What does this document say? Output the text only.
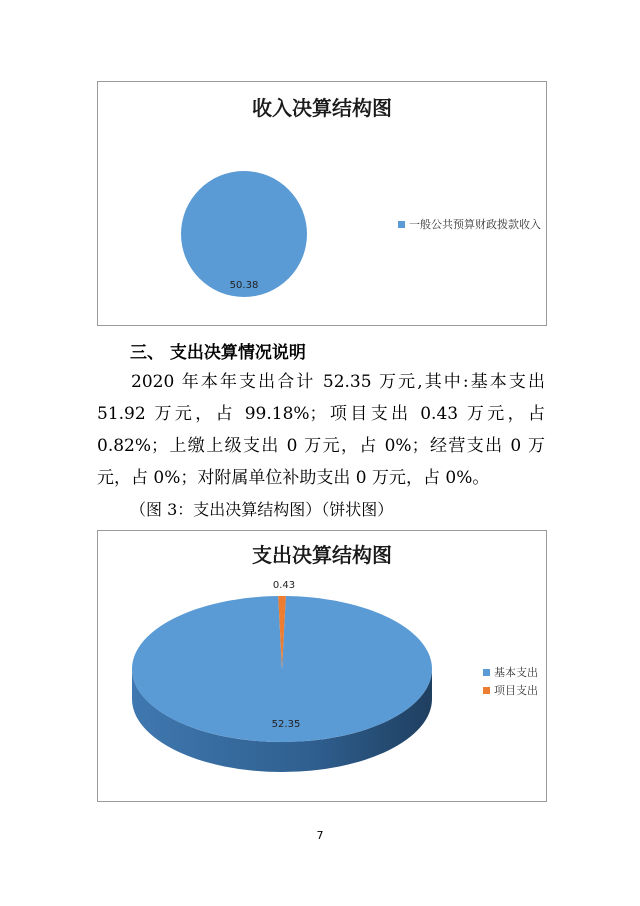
收入决算结构图
50.38
一般公共预算财政拨款收入
三、 支出决算情况说明
2020 年本年支出合计 52.35 万元,其中:基本支出 51.92 万元，占 99.18%；项目支出 0.43 万元，占 0.82%；上缴上级支出 0 万元，占 0%；经营支出 0 万元，占 0%；对附属单位补助支出 0 万元，占 0%。
（图 3：支出决算结构图）（饼状图）
支出决算结构图
52.35
0.43
基本支出
项目支出
7
